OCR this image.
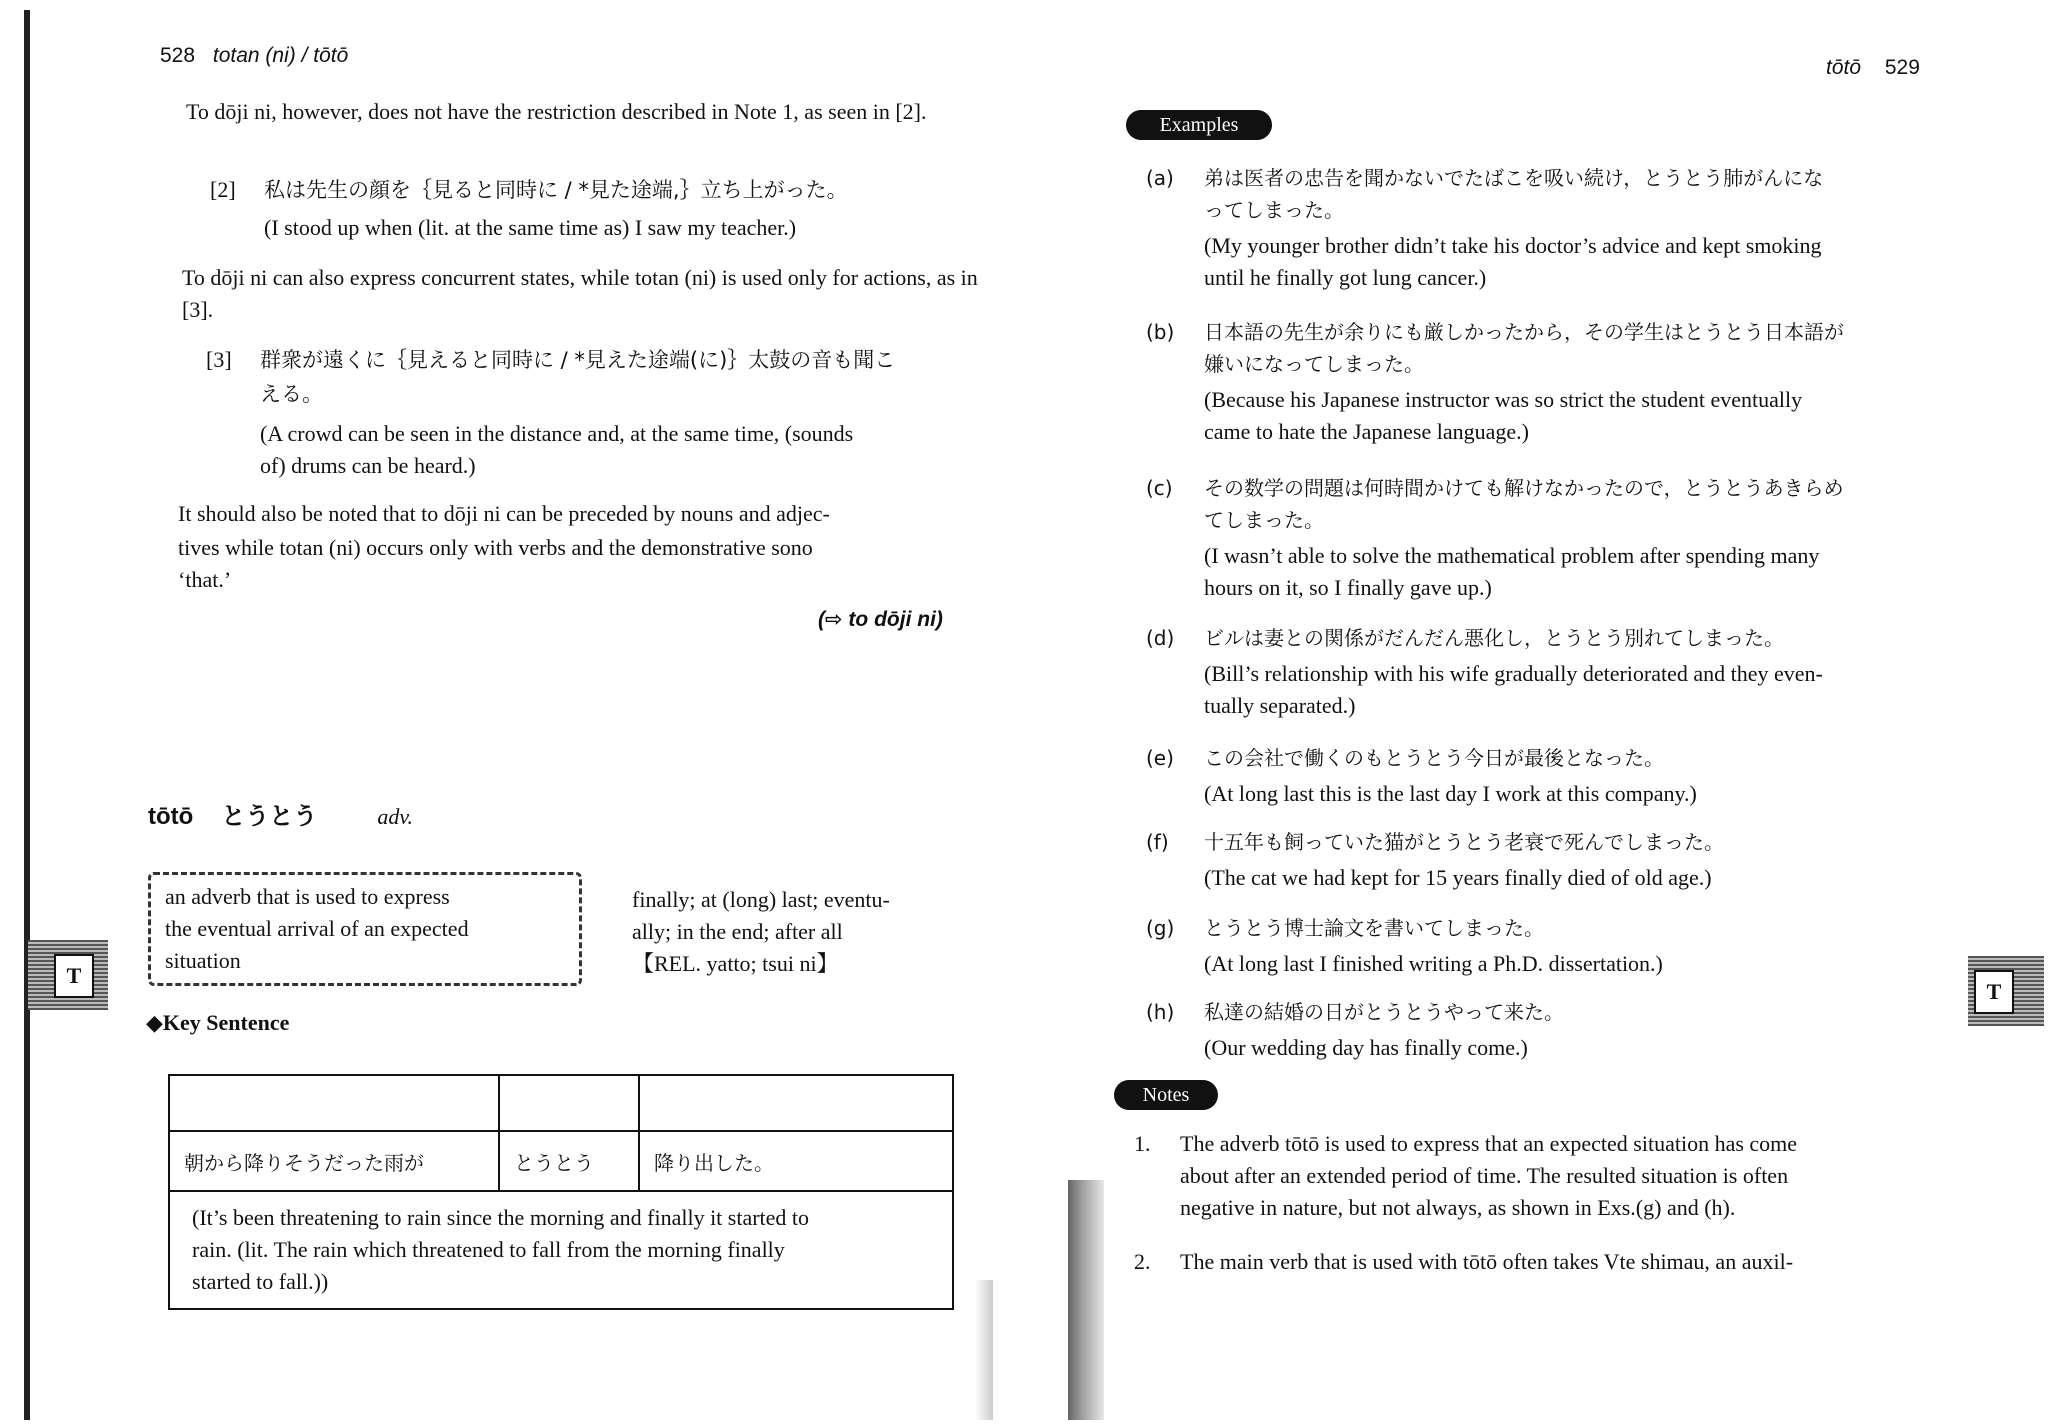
528 totan (ni) / tōtō
To dōji ni, however, does not have the restriction described in Note 1, as seen in [2].
[2] 私は先生の顔を｛見ると同時に / *見た途端,｝立ち上がった。
(I stood up when (lit. at the same time as) I saw my teacher.)
To dōji ni can also express concurrent states, while totan (ni) is used only for actions, as in [3].
[3] 群衆が遠くに｛見えると同時に / *見えた途端(に)｝太鼓の音も聞こ
える。
(A crowd can be seen in the distance and, at the same time, (sounds
of) drums can be heard.)
It should also be noted that to dōji ni can be preceded by nouns and adjec-
tives while totan (ni) occurs only with verbs and the demonstrative sono
‘that.’
(⇨ to dōji ni)
tōtō とうとう	adv.
an adverb that is used to express
the eventual arrival of an expected
situation
finally; at (long) last; eventu-
ally; in the end; after all
【REL. yatto; tsui ni】
◆Key Sentence

朝から降りそうだった雨が	とうとう	降り出した。

(It’s been threatening to rain since the morning and finally it started to
rain. (lit. The rain which threatened to fall from the morning finally
started to fall.))		
T
tōtō 529
Examples
(a) 弟は医者の忠告を聞かないでたばこを吸い続け，とうとう肺がんにな
ってしまった。
(My younger brother didn’t take his doctor’s advice and kept smoking
until he finally got lung cancer.)
(b) 日本語の先生が余りにも厳しかったから，その学生はとうとう日本語が
嫌いになってしまった。
(Because his Japanese instructor was so strict the student eventually
came to hate the Japanese language.)
(c) その数学の問題は何時間かけても解けなかったので，とうとうあきらめ
てしまった。
(I wasn’t able to solve the mathematical problem after spending many
hours on it, so I finally gave up.)
(d) ビルは妻との関係がだんだん悪化し，とうとう別れてしまった。
(Bill’s relationship with his wife gradually deteriorated and they even-
tually separated.)
(e) この会社で働くのもとうとう今日が最後となった。
(At long last this is the last day I work at this company.)
(f) 十五年も飼っていた猫がとうとう老衰で死んでしまった。
(The cat we had kept for 15 years finally died of old age.)
(g) とうとう博士論文を書いてしまった。
(At long last I finished writing a Ph.D. dissertation.)
(h) 私達の結婚の日がとうとうやって来た。
(Our wedding day has finally come.)
Notes
1. The adverb tōtō is used to express that an expected situation has come
about after an extended period of time. The resulted situation is often
negative in nature, but not always, as shown in Exs.(g) and (h).
2. The main verb that is used with tōtō often takes Vte shimau, an auxil-
T
